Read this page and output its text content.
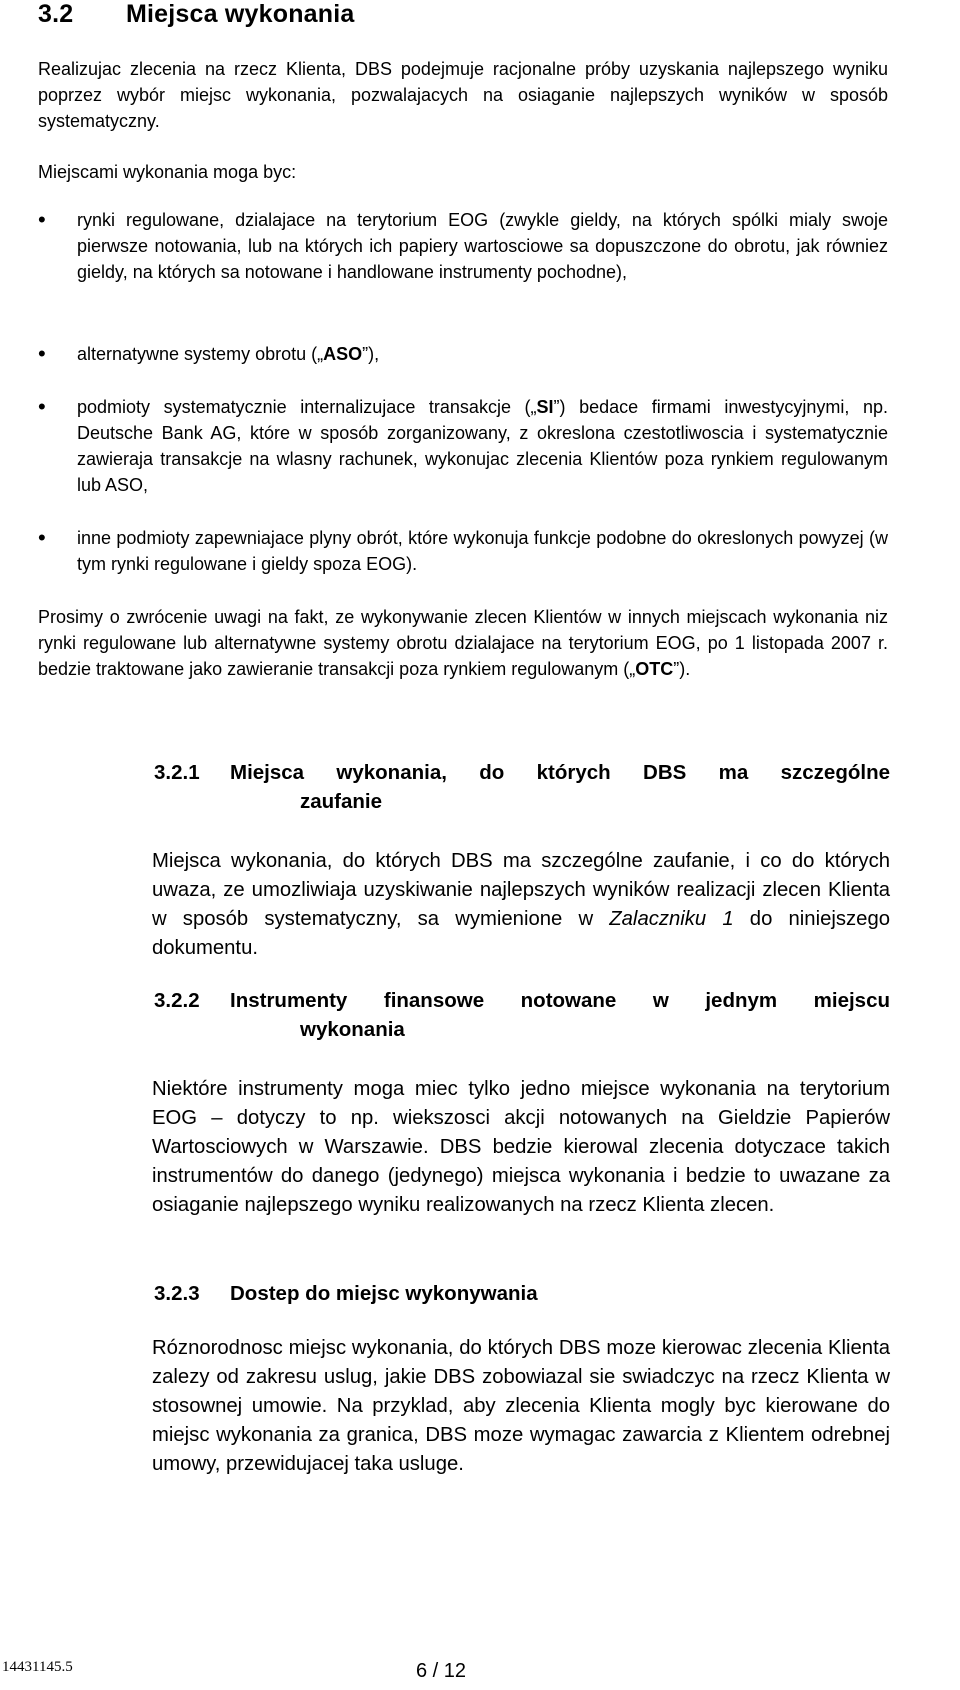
3.2 Miejsca wykonania
Realizujac zlecenia na rzecz Klienta, DBS podejmuje racjonalne próby uzyskania najlepszego wyniku poprzez wybór miejsc wykonania, pozwalajacych na osiaganie najlepszych wyników w sposób systematyczny.
Miejscami wykonania moga byc:
• rynki regulowane, dzialajace na terytorium EOG (zwykle gieldy, na których spólki mialy swoje pierwsze notowania, lub na których ich papiery wartosciowe sa dopuszczone do obrotu, jak równiez gieldy, na których sa notowane i handlowane instrumenty pochodne),
• alternatywne systemy obrotu („ASO”),
• podmioty systematycznie internalizujace transakcje („SI”) bedace firmami inwestycyjnymi, np. Deutsche Bank AG, które w sposób zorganizowany, z okreslona czestotliwoscia i systematycznie zawieraja transakcje na wlasny rachunek, wykonujac zlecenia Klientów poza rynkiem regulowanym lub ASO,
• inne podmioty zapewniajace plyny obrót, które wykonuja funkcje podobne do okreslonych powyzej (w tym rynki regulowane i gieldy spoza EOG).
Prosimy o zwrócenie uwagi na fakt, ze wykonywanie zlecen Klientów w innych miejscach wykonania niz rynki regulowane lub alternatywne systemy obrotu dzialajace na terytorium EOG, po 1 listopada 2007 r. bedzie traktowane jako zawieranie transakcji poza rynkiem regulowanym („OTC”).
3.2.1 Miejsca wykonania, do których DBS ma szczególne
zaufanie
Miejsca wykonania, do których DBS ma szczególne zaufanie, i co do których uwaza, ze umozliwiaja uzyskiwanie najlepszych wyników realizacji zlecen Klienta w sposób systematyczny, sa wymienione w Zalaczniku 1 do niniejszego dokumentu.
3.2.2 Instrumenty finansowe notowane w jednym miejscu
wykonania
Niektóre instrumenty moga miec tylko jedno miejsce wykonania na terytorium EOG – dotyczy to np. wiekszosci akcji notowanych na Gieldzie Papierów Wartosciowych w Warszawie. DBS bedzie kierowal zlecenia dotyczace takich instrumentów do danego (jedynego) miejsca wykonania i bedzie to uwazane za osiaganie najlepszego wyniku realizowanych na rzecz Klienta zlecen.
3.2.3 Dostep do miejsc wykonywania
Róznorodnosc miejsc wykonania, do których DBS moze kierowac zlecenia Klienta zalezy od zakresu uslug, jakie DBS zobowiazal sie swiadczyc na rzecz Klienta w stosownej umowie. Na przyklad, aby zlecenia Klienta mogly byc kierowane do miejsc wykonania za granica, DBS moze wymagac zawarcia z Klientem odrebnej umowy, przewidujacej taka usluge.
14431145.5	6 / 12
